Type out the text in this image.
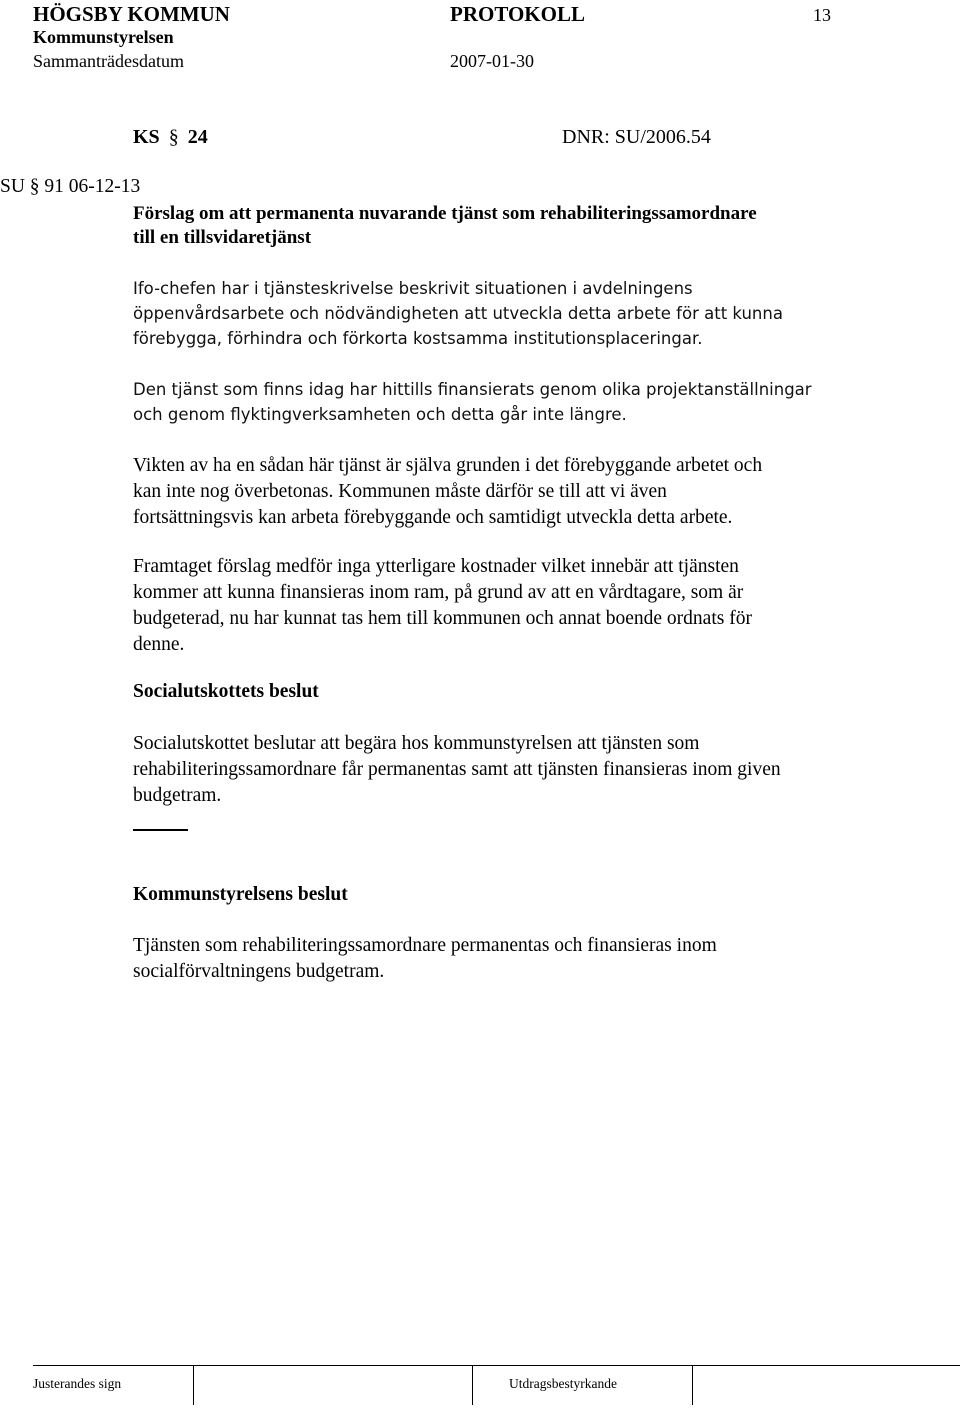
HÖGSBY KOMMUN	PROTOKOLL	13
Kommunstyrelsen
Sammanträdesdatum	2007-01-30
KS § 24	DNR: SU/2006.54
SU § 91 06-12-13
Förslag om att permanenta nuvarande tjänst som rehabiliteringssamordnare
till en tillsvidaretjänst
Ifo-chefen har i tjänsteskrivelse beskrivit situationen i avdelningens
öppenvårdsarbete och nödvändigheten att utveckla detta arbete för att kunna
förebygga, förhindra och förkorta kostsamma institutionsplaceringar.
Den tjänst som finns idag har hittills finansierats genom olika projektanställningar
och genom flyktingverksamheten och detta går inte längre.
Vikten av ha en sådan här tjänst är själva grunden i det förebyggande arbetet och
kan inte nog överbetonas. Kommunen måste därför se till att vi även
fortsättningsvis kan arbeta förebyggande och samtidigt utveckla detta arbete.
Framtaget förslag medför inga ytterligare kostnader vilket innebär att tjänsten
kommer att kunna finansieras inom ram, på grund av att en vårdtagare, som är
budgeterad, nu har kunnat tas hem till kommunen och annat boende ordnats för
denne.
Socialutskottets beslut
Socialutskottet beslutar att begära hos kommunstyrelsen att tjänsten som
rehabiliteringssamordnare får permanentas samt att tjänsten finansieras inom given
budgetram.
Kommunstyrelsens beslut
Tjänsten som rehabiliteringssamordnare permanentas och finansieras inom
socialförvaltningens budgetram.
Justerandes sign	Utdragsbestyrkande
